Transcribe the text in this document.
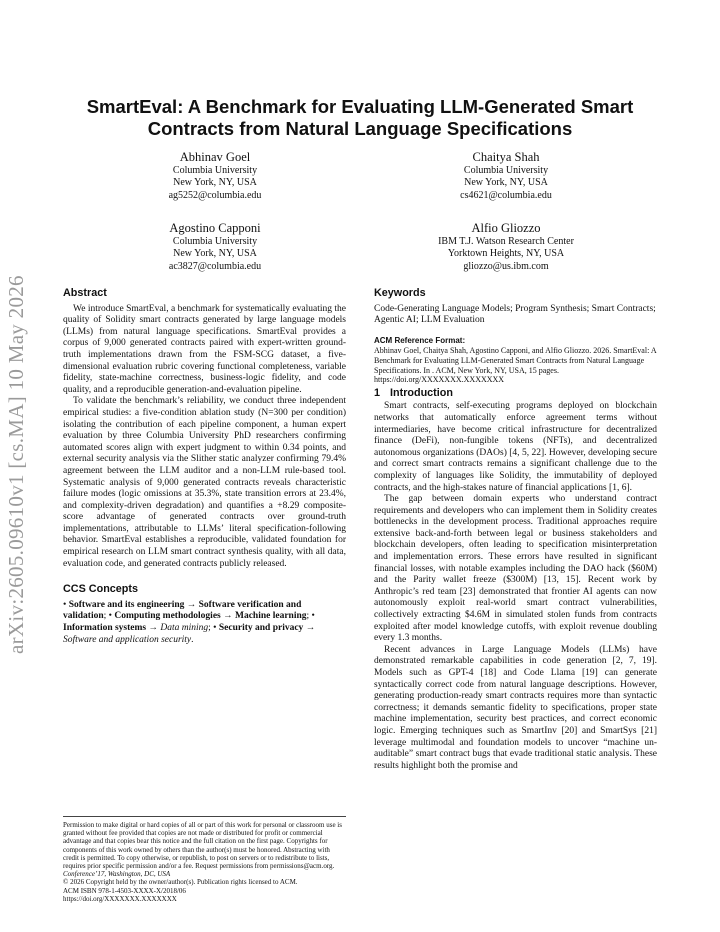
arXiv:2605.09610v1 [cs.MA] 10 May 2026
SmartEval: A Benchmark for Evaluating LLM-Generated Smart Contracts from Natural Language Specifications
Abhinav Goel
Columbia University
New York, NY, USA
ag5252@columbia.edu
Chaitya Shah
Columbia University
New York, NY, USA
cs4621@columbia.edu
Agostino Capponi
Columbia University
New York, NY, USA
ac3827@columbia.edu
Alfio Gliozzo
IBM T.J. Watson Research Center
Yorktown Heights, NY, USA
gliozzo@us.ibm.com
Abstract

We introduce SmartEval, a benchmark for systematically evaluating the quality of Solidity smart contracts generated by large language models (LLMs) from natural language specifications. SmartEval provides a corpus of 9,000 generated contracts paired with expert-written ground-truth implementations drawn from the FSM-SCG dataset, a five-dimensional evaluation rubric covering functional completeness, variable fidelity, state-machine correctness, business-logic fidelity, and code quality, and a reproducible generation-and-evaluation pipeline.

To validate the benchmark’s reliability, we conduct three independent empirical studies: a five-condition ablation study (N=300 per condition) isolating the contribution of each pipeline component, a human expert evaluation by three Columbia University PhD researchers confirming automated scores align with expert judgment to within 0.34 points, and external security analysis via the Slither static analyzer confirming 79.4% agreement between the LLM auditor and a non-LLM rule-based tool. Systematic analysis of 9,000 generated contracts reveals characteristic failure modes (logic omissions at 35.3%, state transition errors at 23.4%, and complexity-driven degradation) and quantifies a +8.29 composite-score advantage of generated contracts over ground-truth implementations, attributable to LLMs’ literal specification-following behavior. SmartEval establishes a reproducible, validated foundation for empirical research on LLM smart contract synthesis quality, with all data, evaluation code, and generated contracts publicly released.

CCS Concepts
• Software and its engineering → Software verification and validation; • Computing methodologies → Machine learning; • Information systems → Data mining; • Security and privacy → Software and application security.

Permission to make digital or hard copies of all or part of this work for personal or classroom use is granted without fee provided that copies are not made or distributed for profit or commercial advantage and that copies bear this notice and the full citation on the first page. Copyrights for components of this work owned by others than the author(s) must be honored. Abstracting with credit is permitted. To copy otherwise, or republish, to post on servers or to redistribute to lists, requires prior specific permission and/or a fee. Request permissions from permissions@acm.org.

Conference’17, Washington, DC, USA

© 2026 Copyright held by the owner/author(s). Publication rights licensed to ACM.

ACM ISBN 978-1-4503-XXXX-X/2018/06

https://doi.org/XXXXXXX.XXXXXXX

Keywords

Code-Generating Language Models; Program Synthesis; Smart Contracts; Agentic AI; LLM Evaluation

ACM Reference Format:

Abhinav Goel, Chaitya Shah, Agostino Capponi, and Alfio Gliozzo. 2026. SmartEval: A Benchmark for Evaluating LLM-Generated Smart Contracts from Natural Language Specifications. In . ACM, New York, NY, USA, 15 pages. https://doi.org/XXXXXXX.XXXXXXX

1 Introduction

Smart contracts, self-executing programs deployed on blockchain networks that automatically enforce agreement terms without intermediaries, have become critical infrastructure for decentralized finance (DeFi), non-fungible tokens (NFTs), and decentralized autonomous organizations (DAOs) [4, 5, 22]. However, developing secure and correct smart contracts remains a significant challenge due to the complexity of languages like Solidity, the immutability of deployed contracts, and the high-stakes nature of financial applications [1, 6].

The gap between domain experts who understand contract requirements and developers who can implement them in Solidity creates bottlenecks in the development process. Traditional approaches require extensive back-and-forth between legal or business stakeholders and blockchain developers, often leading to specification misinterpretation and implementation errors. These errors have resulted in significant financial losses, with notable examples including the DAO hack ($60M) and the Parity wallet freeze ($300M) [13, 15]. Recent work by Anthropic’s red team [23] demonstrated that frontier AI agents can now autonomously exploit real-world smart contract vulnerabilities, collectively extracting $4.6M in simulated stolen funds from contracts exploited after model knowledge cutoffs, with exploit revenue doubling every 1.3 months.

Recent advances in Large Language Models (LLMs) have demonstrated remarkable capabilities in code generation [2, 7, 19]. Models such as GPT-4 [18] and Code Llama [19] can generate syntactically correct code from natural language descriptions. However, generating production-ready smart contracts requires more than syntactic correctness; it demands semantic fidelity to specifications, proper state machine implementation, security best practices, and correct economic logic. Emerging techniques such as SmartInv [20] and SmartSys [21] leverage multimodal and foundation models to uncover “machine un-auditable” smart contract bugs that evade traditional static analysis. These results highlight both the promise and
